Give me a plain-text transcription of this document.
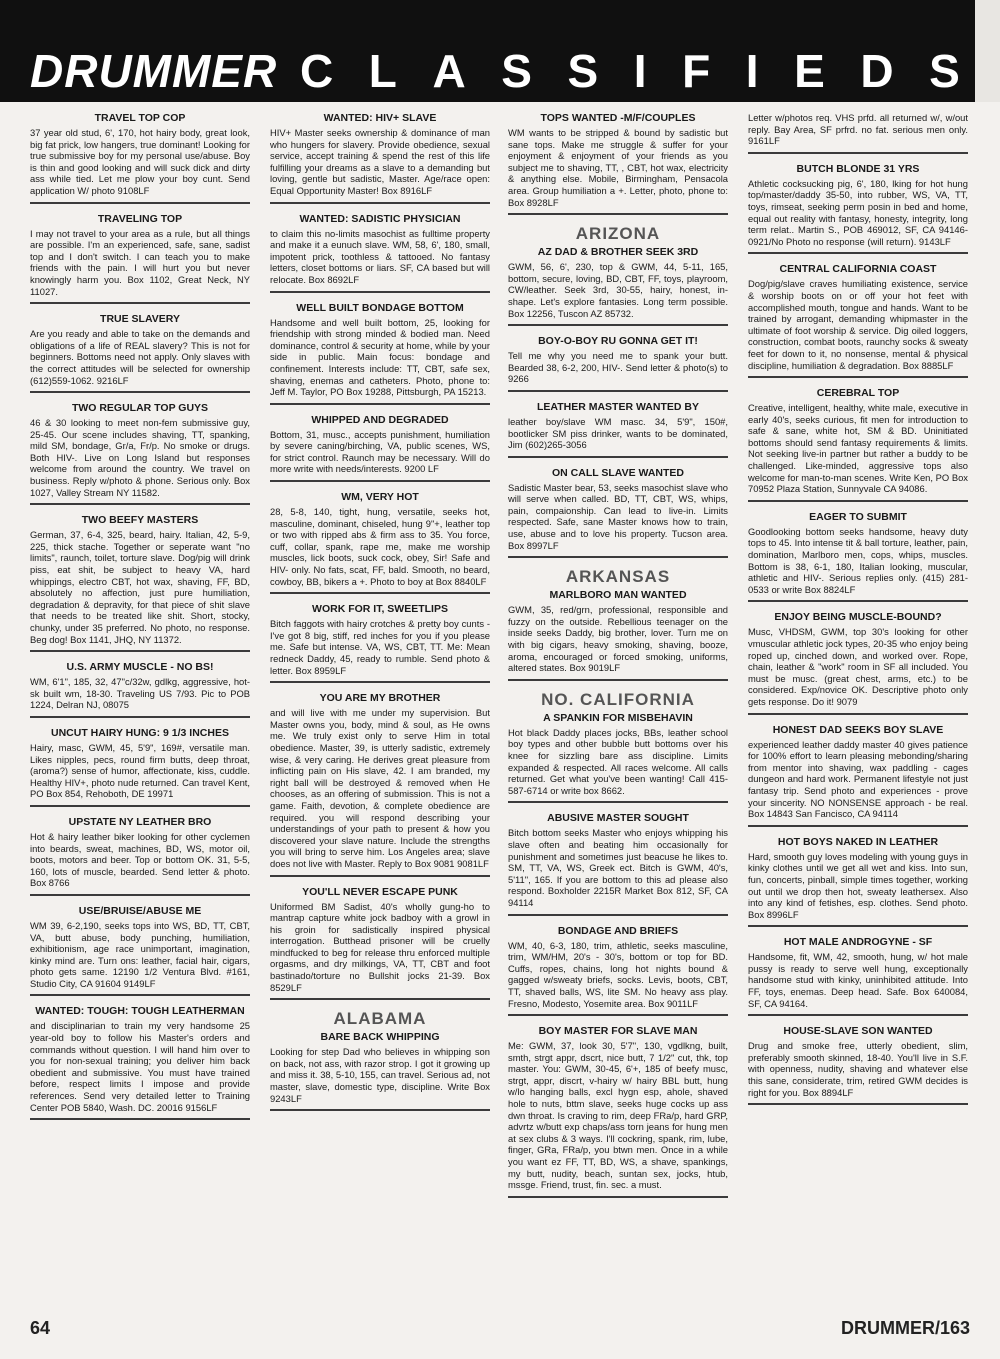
DRUMMER C L A S S I F I E D S
TRAVEL TOP COP

37 year old stud, 6', 170, hot hairy body, great look, big fat prick, low hangers, true dominant! Looking for true submissive boy for my personal use/abuse. Boy is thin and good looking and will suck dick and dirty ass while tied. Let me plow your boy cunt. Send application W/ photo 9108LF

TRAVELING TOP

I may not travel to your area as a rule, but all things are possible. I'm an experienced, safe, sane, sadist top and I don't switch. I can teach you to make friends with the pain. I will hurt you but never knowingly harm you. Box 1102, Great Neck, NY 11027.

TRUE SLAVERY

Are you ready and able to take on the demands and obligations of a life of REAL slavery? This is not for beginners. Bottoms need not apply. Only slaves with the correct attitudes will be selected for ownership (612)559-1062. 9216LF

TWO REGULAR TOP GUYS

46 & 30 looking to meet non-fem submissive guy, 25-45. Our scene includes shaving, TT, spanking, mild SM, bondage, Gr/a, Fr/p. No smoke or drugs. Both HIV-. Live on Long Island but responses welcome from around the country. We travel on business. Reply w/photo & phone. Serious only. Box 1027, Valley Stream NY 11582.

TWO BEEFY MASTERS

German, 37, 6-4, 325, beard, hairy. Italian, 42, 5-9, 225, thick stache. Together or seperate want "no limits", raunch, toilet, torture slave. Dog/pig will drink piss, eat shit, be subject to heavy VA, hard whippings, electro CBT, hot wax, shaving, FF, BD, absolutely no affection, just pure humiliation, degradation & depravity, for that piece of shit slave that needs to be treated like shit. Short, stocky, chunky, under 35 preferred. No photo, no response. Beg dog! Box 1141, JHQ, NY 11372.

U.S. ARMY MUSCLE - NO BS!

WM, 6'1", 185, 32, 47"c/32w, gdlkg, aggressive, hot-sk built wm, 18-30. Traveling US 7/93. Pic to POB 1224, Delran NJ, 08075

UNCUT HAIRY HUNG: 9 1/3 INCHES

Hairy, masc, GWM, 45, 5'9", 169#, versatile man. Likes nipples, pecs, round firm butts, deep throat, (aroma?) sense of humor, affectionate, kiss, cuddle. Healthy HIV+, photo nude returned. Can travel Kent, PO Box 854, Rehoboth, DE 19971

UPSTATE NY LEATHER BRO

Hot & hairy leather biker looking for other cyclemen into beards, sweat, machines, BD, WS, motor oil, boots, motors and beer. Top or bottom OK. 31, 5-5, 160, lots of muscle, bearded. Send letter & photo. Box 8766

USE/BRUISE/ABUSE ME

WM 39, 6-2,190, seeks tops into WS, BD, TT, CBT, VA, butt abuse, body punching, humiliation, exhibitionism, age race unimportant, imagination, kinky mind are. Turn ons: leather, facial hair, cigars, photo gets same. 12190 1/2 Ventura Blvd. #161, Studio City, CA 91604 9149LF

WANTED: TOUGH: TOUGH LEATHERMAN

and disciplinarian to train my very handsome 25 year-old boy to follow his Master's orders and commands without question. I will hand him over to you for non-sexual training; you deliver him back obedient and submissive. You must have trained before, respect limits I impose and provide references. Send very detailed letter to Training Center POB 5840, Wash. DC. 20016 9156LF

WANTED: HIV+ SLAVE

HIV+ Master seeks ownership & dominance of man who hungers for slavery. Provide obedience, sexual service, accept training & spend the rest of this life fulfilling your dreams as a slave to a demanding but loving, gentle but sadistic, Master. Age/race open: Equal Opportunity Master! Box 8916LF

WANTED: SADISTIC PHYSICIAN

to claim this no-limits masochist as fulltime property and make it a eunuch slave. WM, 58, 6', 180, small, impotent prick, toothless & tattooed. No fantasy letters, closet bottoms or liars. SF, CA based but will relocate. Box 8692LF

WELL BUILT BONDAGE BOTTOM

Handsome and well built bottom, 25, looking for friendship with strong minded & bodied man. Need dominance, control & security at home, while by your side in public. Main focus: bondage and confinement. Interests include: TT, CBT, safe sex, shaving, enemas and catheters. Photo, phone to: Jeff M. Taylor, PO Box 19288, Pittsburgh, PA 15213.

WHIPPED AND DEGRADED

Bottom, 31, musc., accepts punishment, humiliation by severe caning/birching, VA, public scenes, WS, for strict control. Raunch may be necessary. Will do more write with needs/interests. 9200 LF

WM, VERY HOT

28, 5-8, 140, tight, hung, versatile, seeks hot, masculine, dominant, chiseled, hung 9"+, leather top or two with ripped abs & firm ass to 35. You force, cuff, collar, spank, rape me, make me worship muscles, lick boots, suck cock, obey, Sir! Safe and HIV- only. No fats, scat, FF, bald. Smooth, no beard, cowboy, BB, bikers a +. Photo to boy at Box 8840LF

WORK FOR IT, SWEETLIPS

Bitch faggots with hairy crotches & pretty boy cunts - I've got 8 big, stiff, red inches for you if you please me. Safe but intense. VA, WS, CBT, TT. Me: Mean redneck Daddy, 45, ready to rumble. Send photo & letter. Box 8959LF

YOU ARE MY BROTHER

and will live with me under my supervision. But Master owns you, body, mind & soul, as He owns me. We truly exist only to serve Him in total obedience. Master, 39, is utterly sadistic, extremely wise, & very caring. He derives great pleasure from inflicting pain on His slave, 42. I am branded, my right ball will be destroyed & removed when He chooses, as an offering of submission. This is not a game. Faith, devotion, & complete obedience are required. you will respond describing your understandings of your path to present & how you discovered your slave nature. Include the strengths you will bring to serve him. Los Angeles area; slave does not live with Master. Reply to Box 9081 9081LF

YOU'LL NEVER ESCAPE PUNK

Uniformed BM Sadist, 40's wholly gung-ho to mantrap capture white jock badboy with a growl in his groin for sadistically inspired physical interrogation. Butthead prisoner will be cruelly mindfucked to beg for release thru enforced multiple orgasms, and dry milkings, VA, TT, CBT and foot bastinado/torture no Bullshit jocks 21-39. Box 8529LF

ALABAMA
BARE BACK WHIPPING

Looking for step Dad who believes in whipping son on back, not ass, with razor strop. I got it growing up and miss it. 38, 5-10, 155, can travel. Serious ad, not master, slave, domestic type, discipline. Write Box 9243LF

TOPS WANTED -M/F/COUPLES

WM wants to be stripped & bound by sadistic but sane tops. Make me struggle & suffer for your enjoyment & enjoyment of your friends as you subject me to shaving, TT, , CBT, hot wax, electricity & anything else. Mobile, Birmingham, Pensacola area. Group humiliation a +. Letter, photo, phone to: Box 8928LF

ARIZONA
AZ DAD & BROTHER SEEK 3RD

GWM, 56, 6', 230, top & GWM, 44, 5-11, 165, bottom, secure, loving, BD, CBT, FF, toys, playroom, CW/leather. Seek 3rd, 30-55, hairy, honest, in-shape. Let's explore fantasies. Long term possible. Box 12256, Tuscon AZ 85732.

BOY-O-BOY RU GONNA GET IT!

Tell me why you need me to spank your butt. Bearded 38, 6-2, 200, HIV-. Send letter & photo(s) to 9266

LEATHER MASTER WANTED BY

leather boy/slave WM masc. 34, 5'9", 150#, bootlicker SM piss drinker, wants to be dominated, Jim (602)265-3056

ON CALL SLAVE WANTED

Sadistic Master bear, 53, seeks masochist slave who will serve when called. BD, TT, CBT, WS, whips, pain, compaionship. Can lead to live-in. Limits respected. Safe, sane Master knows how to train, use, abuse and to love his property. Tucson area. Box 8997LF

ARKANSAS
MARLBORO MAN WANTED

GWM, 35, red/grn, professional, responsible and fuzzy on the outside. Rebellious teenager on the inside seeks Daddy, big brother, lover. Turn me on with big cigars, heavy smoking, shaving, booze, aroma, encouraged or forced smoking, uniforms, altered states. Box 9019LF

NO. CALIFORNIA
A SPANKIN FOR MISBEHAVIN

Hot black Daddy places jocks, BBs, leather school boy types and other bubble butt bottoms over his knee for sizzling bare ass discipline. Limits expanded & respected. All races welcome. All calls returned. Get what you've been wanting! Call 415-587-6714 or write box 8662.

ABUSIVE MASTER SOUGHT

Bitch bottom seeks Master who enjoys whipping his slave often and beating him occasionally for punishment and sometimes just beacuse he likes to. SM, TT, VA, WS, Greek ect. Bitch is GWM, 40's, 5'11", 165. If you are bottom to this ad please also respond. Boxholder 2215R Market Box 812, SF, CA 94114

BONDAGE AND BRIEFS

WM, 40, 6-3, 180, trim, athletic, seeks masculine, trim, WM/HM, 20's - 30's, bottom or top for BD. Cuffs, ropes, chains, long hot nights bound & gagged w/sweaty briefs, socks. Levis, boots, CBT, TT, shaved balls, WS, lite SM. No heavy ass play. Fresno, Modesto, Yosemite area. Box 9011LF

BOY MASTER FOR SLAVE MAN

Me: GWM, 37, look 30, 5'7", 130, vgdlkng, built, smth, strgt appr, dscrt, nice butt, 7 1/2" cut, thk, top master. You: GWM, 30-45, 6'+, 185 of beefy musc, strgt, appr, discrt, v-hairy w/ hairy BBL butt, hung w/lo hanging balls, excl hygn esp, ahole, shaved hole to nuts, bttm slave, seeks huge cocks up ass dwn throat. Is craving to rim, deep FRa/p, hard GRP, advrtz w/butt exp chaps/ass torn jeans for hung men at sex clubs & 3 ways. I'll cockring, spank, rim, lube, finger, GRa, FRa/p, you btwn men. Once in a while you want ez FF, TT, BD, WS, a shave, spankings, my butt, nudity, beach, suntan sex, jocks, htub, mssge. Friend, trust, fin. sec. a must.

Letter w/photos req. VHS prfd. all returned w/, w/out reply. Bay Area, SF prfrd. no fat. serious men only. 9161LF

BUTCH BLONDE 31 YRS

Athletic cocksucking pig, 6', 180, lking for hot hung top/master/daddy 35-50, into rubber, WS, VA, TT, toys, rimseat, seeking perm posin in bed and home, equal out reality with fantasy, honesty, integrity, long term relat.. Martin S., POB 469012, SF, CA 94146-0921/No Photo no response (will return). 9143LF

CENTRAL CALIFORNIA COAST

Dog/pig/slave craves humiliating existence, service & worship boots on or off your hot feet with accomplished mouth, tongue and hands. Want to be trained by arrogant, demanding whipmaster in the ultimate of foot worship & service. Dig oiled loggers, construction, combat boots, raunchy socks & sweaty feet for down to it, no nonsense, mental & physical discipline, humiliation & degradation. Box 8885LF

CEREBRAL TOP

Creative, intelligent, healthy, white male, executive in early 40's, seeks curious, fit men for introduction to safe & sane, white hot, SM & BD. Uninitiated bottoms should send fantasy requirements & limits. Not seeking live-in partner but rather a buddy to be challenged. Like-minded, aggressive tops also welcome for man-to-man scenes. Write Ken, PO Box 70952 Plaza Station, Sunnyvale CA 94086.

EAGER TO SUBMIT

Goodlooking bottom seeks handsome, heavy duty tops to 45. Into intense tit & ball torture, leather, pain, domination, Marlboro men, cops, whips, muscles. Bottom is 38, 6-1, 180, Italian looking, muscular, athletic and HIV-. Serious replies only. (415) 281-0533 or write Box 8824LF

ENJOY BEING MUSCLE-BOUND?

Musc, VHDSM, GWM, top 30's looking for other vmuscular athletic jock types, 20-35 who enjoy being roped up, cinched down, and worked over. Rope, chain, leather & "work" room in SF all included. You must be musc. (great chest, arms, etc.) to be considered. Exp/novice OK. Descriptive photo only gets response. Do it! 9079

HONEST DAD SEEKS BOY SLAVE

experienced leather daddy master 40 gives patience for 100% effort to learn pleasing mebonding/sharing from mentor into shaving, wax paddling - cages dungeon and hard work. Permanent lifestyle not just fantasy trip. Send photo and experiences - prove your sincerity. NO NONSENSE approach - be real. Box 14843 San Fancisco, CA 94114

HOT BOYS NAKED IN LEATHER

Hard, smooth guy loves modeling with young guys in kinky clothes until we get all wet and kiss. Into sun, fun, concerts, pinball, simple times together, working out until we drop then hot, sweaty leathersex. Also into any kind of fetishes, esp. clothes. Send photo. Box 8996LF

HOT MALE ANDROGYNE - SF

Handsome, fit, WM, 42, smooth, hung, w/ hot male pussy is ready to serve well hung, exceptionally handsome stud with kinky, uninhibited attitude. Into FF, toys, enemas. Deep head. Safe. Box 640084, SF, CA 94164.

HOUSE-SLAVE SON WANTED

Drug and smoke free, utterly obedient, slim, preferably smooth skinned, 18-40. You'll live in S.F. with openness, nudity, shaving and whatever else this sane, considerate, trim, retired GWM decides is right for you. Box 8894LF

64	DRUMMER/163
